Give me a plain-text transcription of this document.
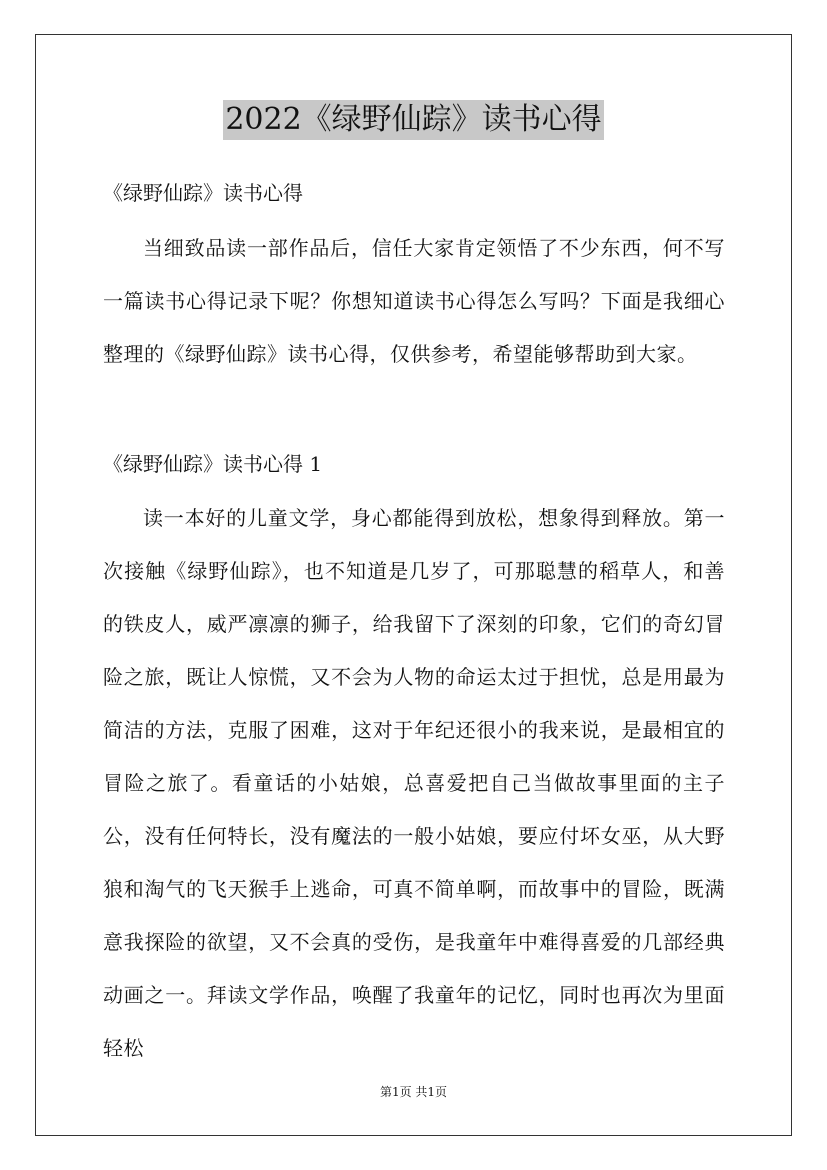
2022《绿野仙踪》读书心得
《绿野仙踪》读书心得

当细致品读一部作品后，信任大家肯定领悟了不少东西，何不写一篇读书心得记录下呢？你想知道读书心得怎么写吗？下面是我细心整理的《绿野仙踪》读书心得，仅供参考，希望能够帮助到大家。

《绿野仙踪》读书心得 1

读一本好的儿童文学，身心都能得到放松，想象得到释放。第一次接触《绿野仙踪》，也不知道是几岁了，可那聪慧的稻草人，和善的铁皮人，威严凛凛的狮子，给我留下了深刻的印象，它们的奇幻冒险之旅，既让人惊慌，又不会为人物的命运太过于担忧，总是用最为简洁的方法，克服了困难，这对于年纪还很小的我来说，是最相宜的冒险之旅了。看童话的小姑娘，总喜爱把自己当做故事里面的主子公，没有任何特长，没有魔法的一般小姑娘，要应付坏女巫，从大野狼和淘气的飞天猴手上逃命，可真不简单啊，而故事中的冒险，既满意我探险的欲望，又不会真的受伤，是我童年中难得喜爱的几部经典动画之一。拜读文学作品，唤醒了我童年的记忆，同时也再次为里面轻松

第1页 共1页
